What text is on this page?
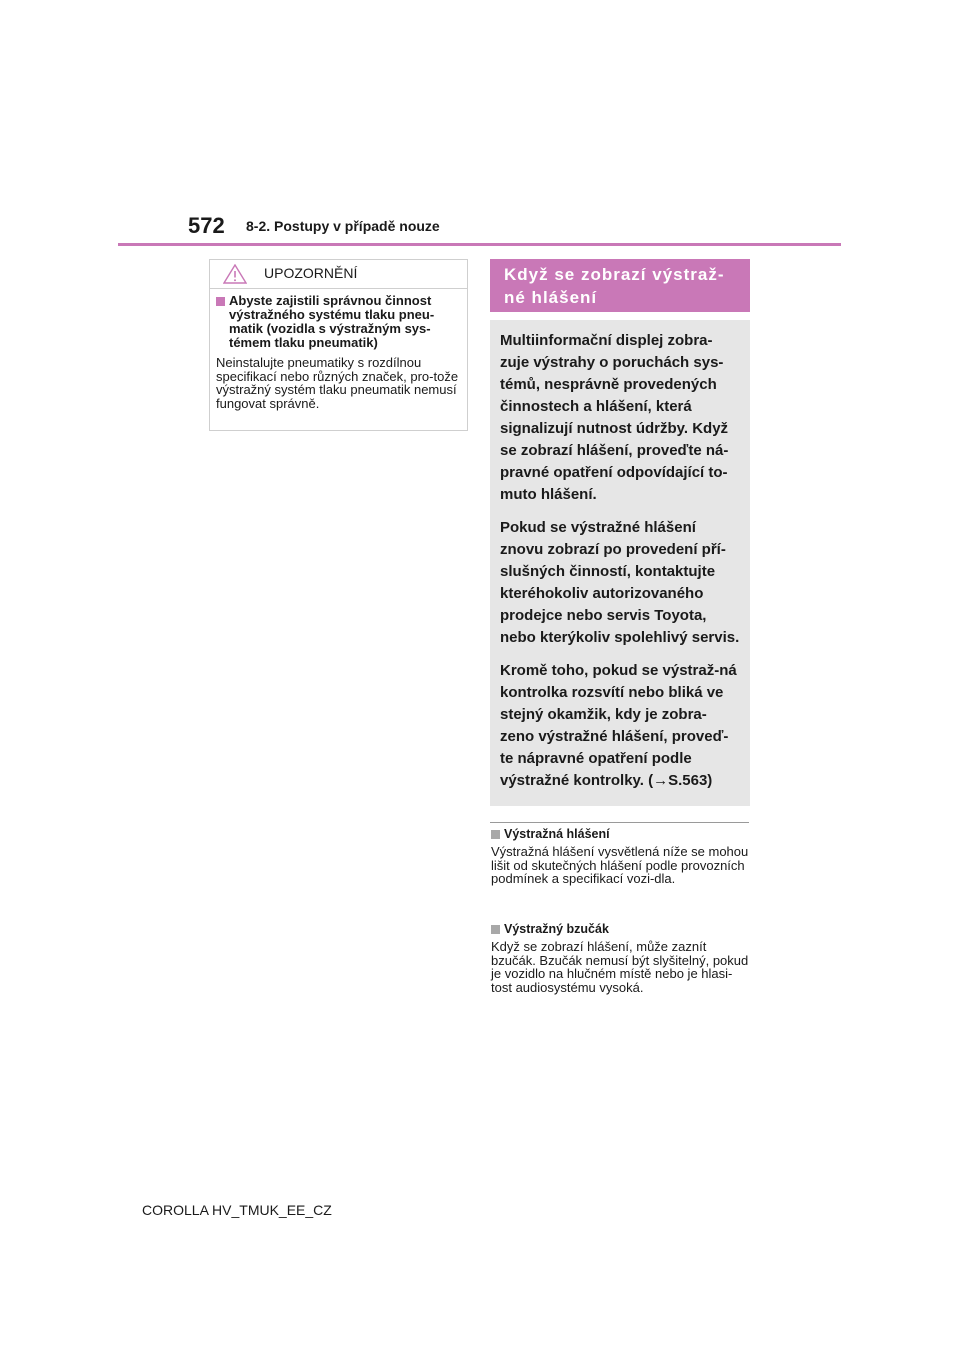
572 8-2. Postupy v případě nouze
UPOZORNĚNÍ
Abyste zajistili správnou činnost výstražného systému tlaku pneu-matik (vozidla s výstražným sys-témem tlaku pneumatik)
Neinstalujte pneumatiky s rozdílnou specifikací nebo různých značek, pro-tože výstražný systém tlaku pneumatik nemusí fungovat správně.
Když se zobrazí výstraž-né hlášení

Multiinformační displej zobra-zuje výstrahy o poruchách sys-témů, nesprávně provedených činnostech a hlášení, která signalizují nutnost údržby. Když se zobrazí hlášení, proveďte ná-pravné opatření odpovídající to-muto hlášení.

Pokud se výstražné hlášení znovu zobrazí po provedení pří-slušných činností, kontaktujte kteréhokoliv autorizovaného prodejce nebo servis Toyota, nebo kterýkoliv spolehlivý servis.

Kromě toho, pokud se výstraž-ná kontrolka rozsvítí nebo bliká ve stejný okamžik, kdy je zobra-zeno výstražné hlášení, proveď-te nápravné opatření podle výstražné kontrolky. (→S.563)

Výstražná hlášení
Výstražná hlášení vysvětlená níže se mohou lišit od skutečných hlášení podle provozních podmínek a specifikací vozi-dla.
Výstražný bzučák
Když se zobrazí hlášení, může zaznít bzučák. Bzučák nemusí být slyšitelný, pokud je vozidlo na hlučném místě nebo je hlasi-tost audiosystému vysoká.
COROLLA HV_TMUK_EE_CZ
